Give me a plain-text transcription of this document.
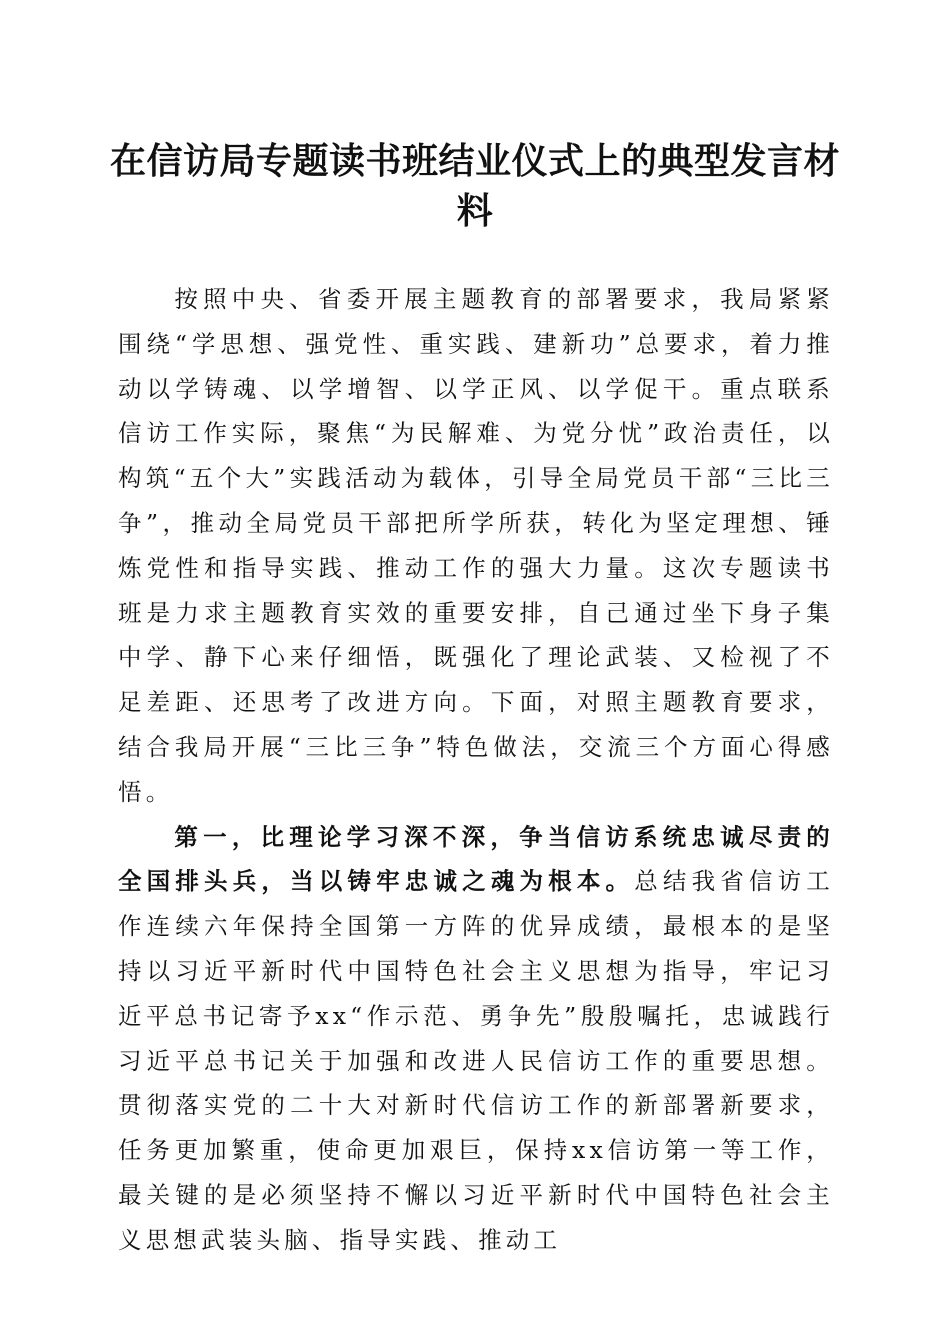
在信访局专题读书班结业仪式上的典型发言材料

按照中央、省委开展主题教育的部署要求，我局紧紧围绕“学思想、强党性、重实践、建新功”总要求，着力推动以学铸魂、以学增智、以学正风、以学促干。重点联系信访工作实际，聚焦“为民解难、为党分忧”政治责任，以构筑“五个大”实践活动为载体，引导全局党员干部“三比三争”，推动全局党员干部把所学所获，转化为坚定理想、锤炼党性和指导实践、推动工作的强大力量。这次专题读书班是力求主题教育实效的重要安排，自己通过坐下身子集中学、静下心来仔细悟，既强化了理论武装、又检视了不足差距、还思考了改进方向。下面，对照主题教育要求，结合我局开展“三比三争”特色做法，交流三个方面心得感悟。

第一，比理论学习深不深，争当信访系统忠诚尽责的全国排头兵，当以铸牢忠诚之魂为根本。总结我省信访工作连续六年保持全国第一方阵的优异成绩，最根本的是坚持以习近平新时代中国特色社会主义思想为指导，牢记习近平总书记寄予xx“作示范、勇争先”殷殷嘱托，忠诚践行习近平总书记关于加强和改进人民信访工作的重要思想。贯彻落实党的二十大对新时代信访工作的新部署新要求，任务更加繁重，使命更加艰巨，保持xx信访第一等工作，最关键的是必须坚持不懈以习近平新时代中国特色社会主义思想武装头脑、指导实践、推动工
